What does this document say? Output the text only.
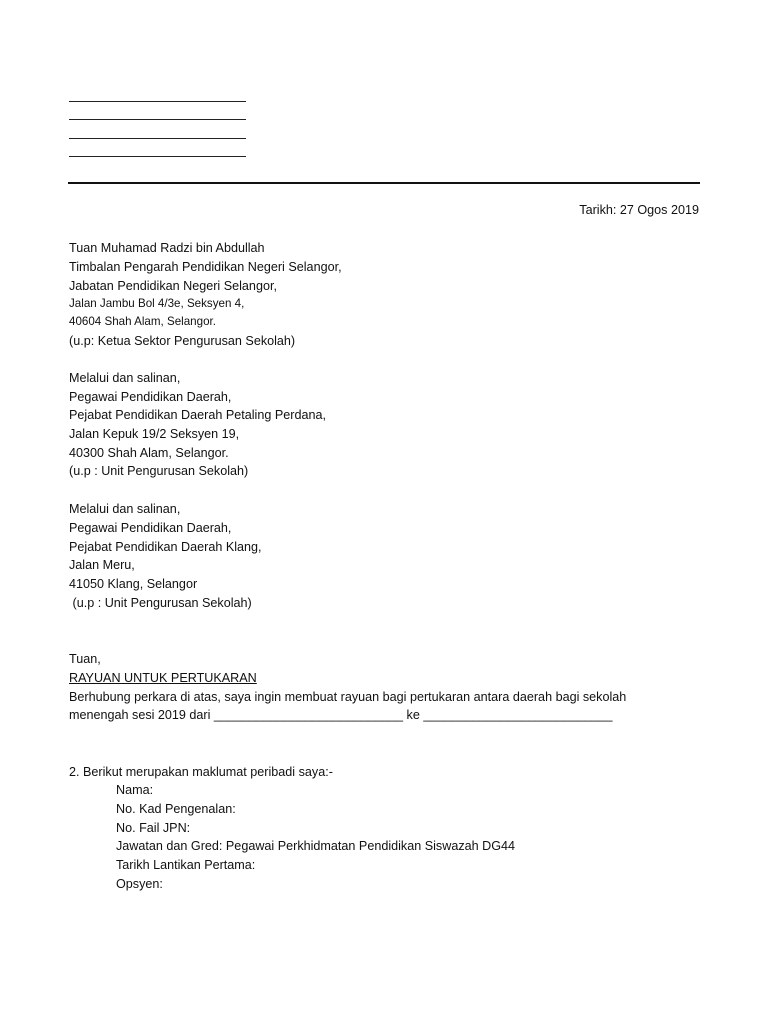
Tarikh: 27 Ogos 2019
Tuan Muhamad Radzi bin Abdullah
Timbalan Pengarah Pendidikan Negeri Selangor,
Jabatan Pendidikan Negeri Selangor,
Jalan Jambu Bol 4/3e, Seksyen 4,
40604 Shah Alam, Selangor.
(u.p: Ketua Sektor Pengurusan Sekolah)
Melalui dan salinan,
Pegawai Pendidikan Daerah,
Pejabat Pendidikan Daerah Petaling Perdana,
Jalan Kepuk 19/2 Seksyen 19,
40300 Shah Alam, Selangor.
(u.p : Unit Pengurusan Sekolah)
Melalui dan salinan,
Pegawai Pendidikan Daerah,
Pejabat Pendidikan Daerah Klang,
Jalan Meru,
41050 Klang, Selangor
(u.p : Unit Pengurusan Sekolah)
Tuan,
RAYUAN UNTUK PERTUKARAN
Berhubung perkara di atas, saya ingin membuat rayuan bagi pertukaran antara daerah bagi sekolah
menengah sesi 2019 dari ___________________________ ke ___________________________
2. Berikut merupakan maklumat peribadi saya:-
Nama:
No. Kad Pengenalan:
No. Fail JPN:
Jawatan dan Gred: Pegawai Perkhidmatan Pendidikan Siswazah DG44
Tarikh Lantikan Pertama:
Opsyen:
